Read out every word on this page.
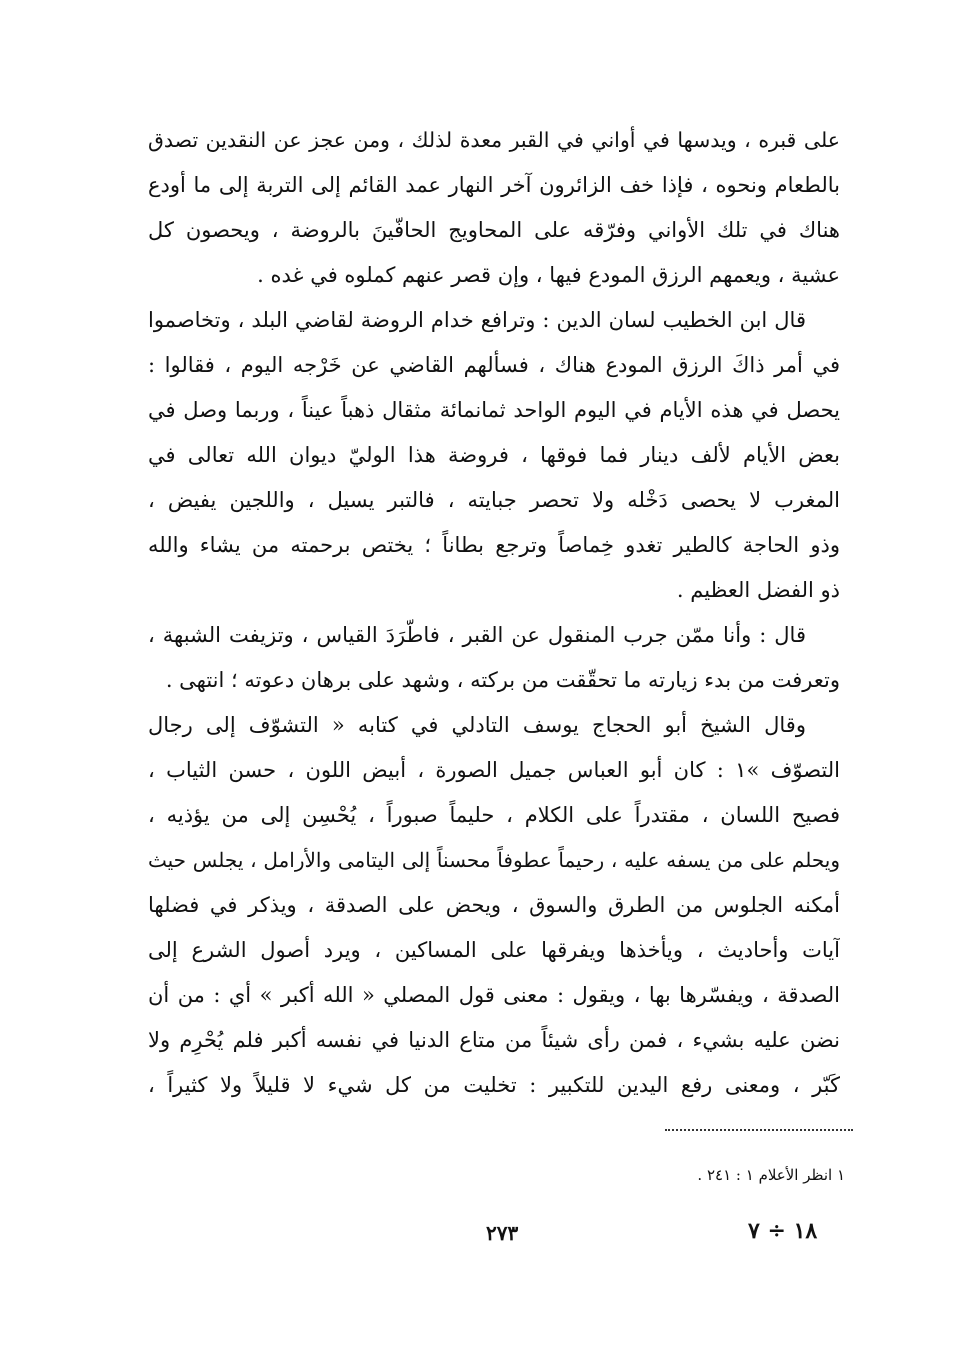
على قبره ، ويدسها في أواني في القبر معدة لذلك ، ومن عجز عن النقدين تصدق
بالطعام ونحوه ، فإذا خف الزائرون آخر النهار عمد القائم إلى التربة إلى ما أودع
هناك في تلك الأواني وفرّقه على المحاويج الحافّينَ بالروضة ، ويحصون كل
عشية ، ويعمهم الرزق المودع فيها ، وإن قصر عنهم كملوه في غده .
قال ابن الخطيب لسان الدين : وترافع خدام الروضة لقاضي البلد ، وتخاصموا
في أمر ذاكَ الرزق المودع هناك ، فسألهم القاضي عن خَرْجه اليوم ، فقالوا :
يحصل في هذه الأيام في اليوم الواحد ثمانمائة مثقال ذهباً عيناً ، وربما وصل في
بعض الأيام لألف دينار فما فوقها ، فروضة هذا الوليّ ديوان الله تعالى في
المغرب لا يحصى دَخْله ولا تحصر جبايته ، فالتبر يسيل ، واللجين يفيض ،
وذو الحاجة كالطير تغدو خِماصاً وترجع بطاناً ؛ يختص برحمته من يشاء والله
ذو الفضل العظيم .
قال : وأنا ممّن جرب المنقول عن القبر ، فاطّرَدَ القياس ، وتزيفت الشبهة ،
وتعرفت من بدء زيارته ما تحقّقت من بركته ، وشهد على برهان دعوته ؛ انتهى .
وقال الشيخ أبو الحجاج يوسف التادلي في كتابه « التشوّف إلى رجال
التصوّف »١ : كان أبو العباس جميل الصورة ، أبيض اللون ، حسن الثياب ،
فصيح اللسان ، مقتدراً على الكلام ، حليماً صبوراً ، يُحْسِن إلى من يؤذيه ،
ويحلم على من يسفه عليه ، رحيماً عطوفاً محسناً إلى اليتامى والأرامل ، يجلس حيث
أمكنه الجلوس من الطرق والسوق ، ويحض على الصدقة ، ويذكر في فضلها
آيات وأحاديث ، ويأخذها ويفرقها على المساكين ، ويرد أصول الشرع إلى
الصدقة ، ويفسّرها بها ، ويقول : معنى قول المصلي « الله أكبر » أي : من أن
نضن عليه بشيء ، فمن رأى شيئاً من متاع الدنيا في نفسه أكبر فلم يُحْرِم ولا
كَبّر ، ومعنى رفع اليدين للتكبير : تخليت من كل شيء لا قليلاً ولا كثيراً ،
١ انظر الأعلام ١ : ٢٤١ .
٢٧٣	١٨ ÷ ٧
